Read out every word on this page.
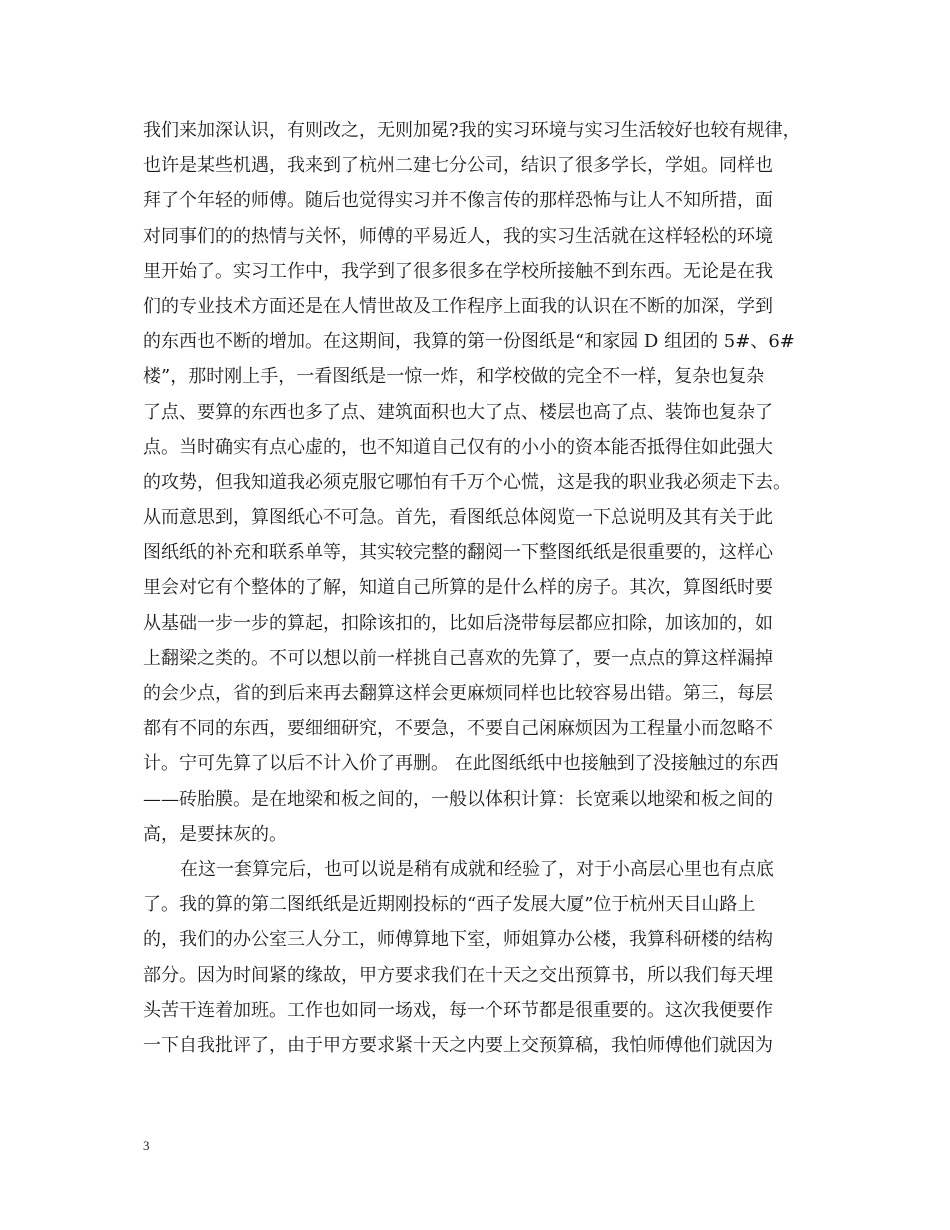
我们来加深认识，有则改之，无则加冕?我的实习环境与实习生活较好也较有规律，
也许是某些机遇，我来到了杭州二建七分公司，结识了很多学长，学姐。同样也
拜了个年轻的师傅。随后也觉得实习并不像言传的那样恐怖与让人不知所措，面
对同事们的的热情与关怀，师傅的平易近人，我的实习生活就在这样轻松的环境
里开始了。实习工作中，我学到了很多很多在学校所接触不到东西。无论是在我
们的专业技术方面还是在人情世故及工作程序上面我的认识在不断的加深，学到
的东西也不断的增加。在这期间，我算的第一份图纸是“和家园 D 组团的 5#、6#
楼”，那时刚上手，一看图纸是一惊一炸，和学校做的完全不一样，复杂也复杂
了点、要算的东西也多了点、建筑面积也大了点、楼层也高了点、装饰也复杂了
点。当时确实有点心虚的，也不知道自己仅有的小小的资本能否抵得住如此强大
的攻势，但我知道我必须克服它哪怕有千万个心慌，这是我的职业我必须走下去。
从而意思到，算图纸心不可急。首先，看图纸总体阅览一下总说明及其有关于此
图纸纸的补充和联系单等，其实较完整的翻阅一下整图纸纸是很重要的，这样心
里会对它有个整体的了解，知道自己所算的是什么样的房子。其次，算图纸时要
从基础一步一步的算起，扣除该扣的，比如后浇带每层都应扣除，加该加的，如
上翻梁之类的。不可以想以前一样挑自己喜欢的先算了，要一点点的算这样漏掉
的会少点，省的到后来再去翻算这样会更麻烦同样也比较容易出错。第三，每层
都有不同的东西，要细细研究，不要急，不要自己闲麻烦因为工程量小而忽略不
计。宁可先算了以后不计入价了再删。 在此图纸纸中也接触到了没接触过的东西
——砖胎膜。是在地梁和板之间的，一般以体积计算：长宽乘以地梁和板之间的
高，是要抹灰的。
在这一套算完后，也可以说是稍有成就和经验了，对于小高层心里也有点底
了。我的算的第二图纸纸是近期刚投标的“西子发展大厦”位于杭州天目山路上
的，我们的办公室三人分工，师傅算地下室，师姐算办公楼，我算科研楼的结构
部分。因为时间紧的缘故，甲方要求我们在十天之交出预算书，所以我们每天埋
头苦干连着加班。工作也如同一场戏，每一个环节都是很重要的。这次我便要作
一下自我批评了，由于甲方要求紧十天之内要上交预算稿，我怕师傅他们就因为
3
